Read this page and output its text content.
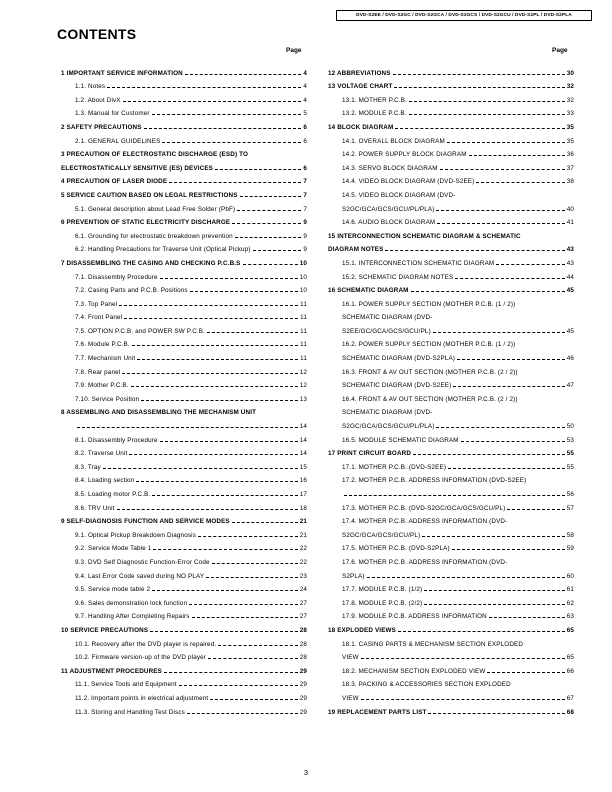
DVD-S2EE / DVD-S2GC / DVD-S2GCA / DVD-S2GCS / DVD-S2GCU / DVD-S2PL / DVD-S2PLA
CONTENTS
Page	Page
1 IMPORTANT SERVICE INFORMATION	4
1.1. Notes	4
1.2. About DivX	4
1.3. Manual for Customer	5
2 SAFETY PRECAUTIONS	6
2.1. GENERAL GUIDELINES	6
3 PRECAUTION OF ELECTROSTATIC DISCHARGE (ESD) TO
ELECTROSTATICALLY SENSITIVE (ES) DEVICES	6
4 PRECAUTION OF LASER DIODE	7
5 SERVICE CAUTION BASED ON LEGAL RESTRICTIONS	7
5.1. General description about Lead Free Solder (PbF)	7
6 PREVENTION OF STATIC ELECTRICITY DISCHARGE	9
6.1. Grounding for electrostatic breakdown prevention	9
6.2. Handling Precautions for Traverse Unit (Optical Pickup)	9
7 DISASSEMBLING THE CASING AND CHECKING P.C.B.S	10
7.1. Disassembly Procedure	10
7.2. Casing Parts and P.C.B. Positions	10
7.3. Top Panel	11
7.4. Front Panel	11
7.5. OPTION P.C.B. and POWER SW P.C.B.	11
7.6. Module P.C.B.	11
7.7. Mechanism Unit	11
7.8. Rear panel	12
7.9. Mother P.C.B.	12
7.10. Service Position	13
8 ASSEMBLING AND DISASSEMBLING THE MECHANISM UNIT
14
8.1. Disassembly Procedure	14
8.2. Traverse Unit	14
8.3. Tray	15
8.4. Loading section	16
8.5. Loading motor P.C.B.	17
8.6. TRV Unit	18
9 SELF-DIAGNOSIS FUNCTION AND SERVICE MODES	21
9.1. Optical Pickup Breakdown Diagnosis	21
9.2. Service Mode Table 1	22
9.3. DVD Self Diagnostic Function-Error Code	22
9.4. Last Error Code saved during NO PLAY	23
9.5. Service mode table 2	24
9.6. Sales demonstration lock function	27
9.7. Handling After Completing Repairs	27
10 SERVICE PRECAUTIONS	28
10.1. Recovery after the DVD player is repaired.	28
10.2. Firmware version-up of the DVD player	28
11 ADJUSTMENT PROCEDURES	29
11.1. Service Tools and Equipment	29
11.2. Important points in electrical adjustment	29
11.3. Storing and Handling Test Discs	29
12 ABBREVIATIONS	30
13 VOLTAGE CHART	32
13.1. MOTHER P.C.B.	32
13.2. MODULE P.C.B.	33
14 BLOCK DIAGRAM	35
14.1. OVERALL BLOCK DIAGRAM	35
14.2. POWER SUPPLY BLOCK DIAGRAM	36
14.3. SERVO BLOCK DIAGRAM	37
14.4. VIDEO BLOCK DIAGRAM (DVD-S2EE)	38
14.5. VIDEO BLOCK DIAGRAM (DVD-
S2GC/GCA/GCS/GCU/PL/PLA)	40
14.6. AUDIO BLOCK DIAGRAM	41
15 INTERCONNECTION SCHEMATIC DIAGRAM & SCHEMATIC
DIAGRAM NOTES	43
15.1. INTERCONNECTION SCHEMATIC DIAGRAM	43
15.2. SCHEMATIC DIAGRAM NOTES	44
16 SCHEMATIC DIAGRAM	45
16.1. POWER SUPPLY SECTION (MOTHER P.C.B. (1 / 2))
SCHEMATIC DIAGRAM (DVD-
S2EE/GC/GCA/GCS/GCU/PL)	45
16.2. POWER SUPPLY SECTION (MOTHER P.C.B. (1 / 2))
SCHEMATIC DIAGRAM (DVD-S2PLA)	46
16.3. FRONT & AV OUT SECTION (MOTHER P.C.B. (2 / 2))
SCHEMATIC DIAGRAM (DVD-S2EE)	47
16.4. FRONT & AV OUT SECTION (MOTHER P.C.B. (2 / 2))
SCHEMATIC DIAGRAM (DVD-
S2GC/GCA/GCS/GCU/PL/PLA)	50
16.5. MODULE SCHEMATIC DIAGRAM	53
17 PRINT CIRCUIT BOARD	55
17.1. MOTHER P.C.B. (DVD-S2EE)	55
17.2. MOTHER P.C.B. ADDRESS INFORMATION (DVD-S2EE)
56
17.3. MOTHER P.C.B. (DVD-S2GC/GCA/GCS/GCU/PL)	57
17.4. MOTHER P.C.B. ADDRESS INFORMATION (DVD-
S2GC/GCA/GCS/GCU/PL)	58
17.5. MOTHER P.C.B. (DVD-S2PLA)	59
17.6. MOTHER P.C.B. ADDRESS INFORMATION (DVD-
S2PLA)	60
17.7. MODULE P.C.B. (1/2)	61
17.8. MODULE P.C.B. (2/2)	62
17.9. MODULE P.C.B. ADDRESS INFORMATION	63
18 EXPLODED VIEWS	65
18.1. CASING PARTS & MECHANISM SECTION EXPLODED
VIEW	65
18.2. MECHANISM SECTION EXPLODED VIEW	66
18.3. PACKING & ACCESSORIES SECTION EXPLODED
VIEW	67
19 REPLACEMENT PARTS LIST	68
3
